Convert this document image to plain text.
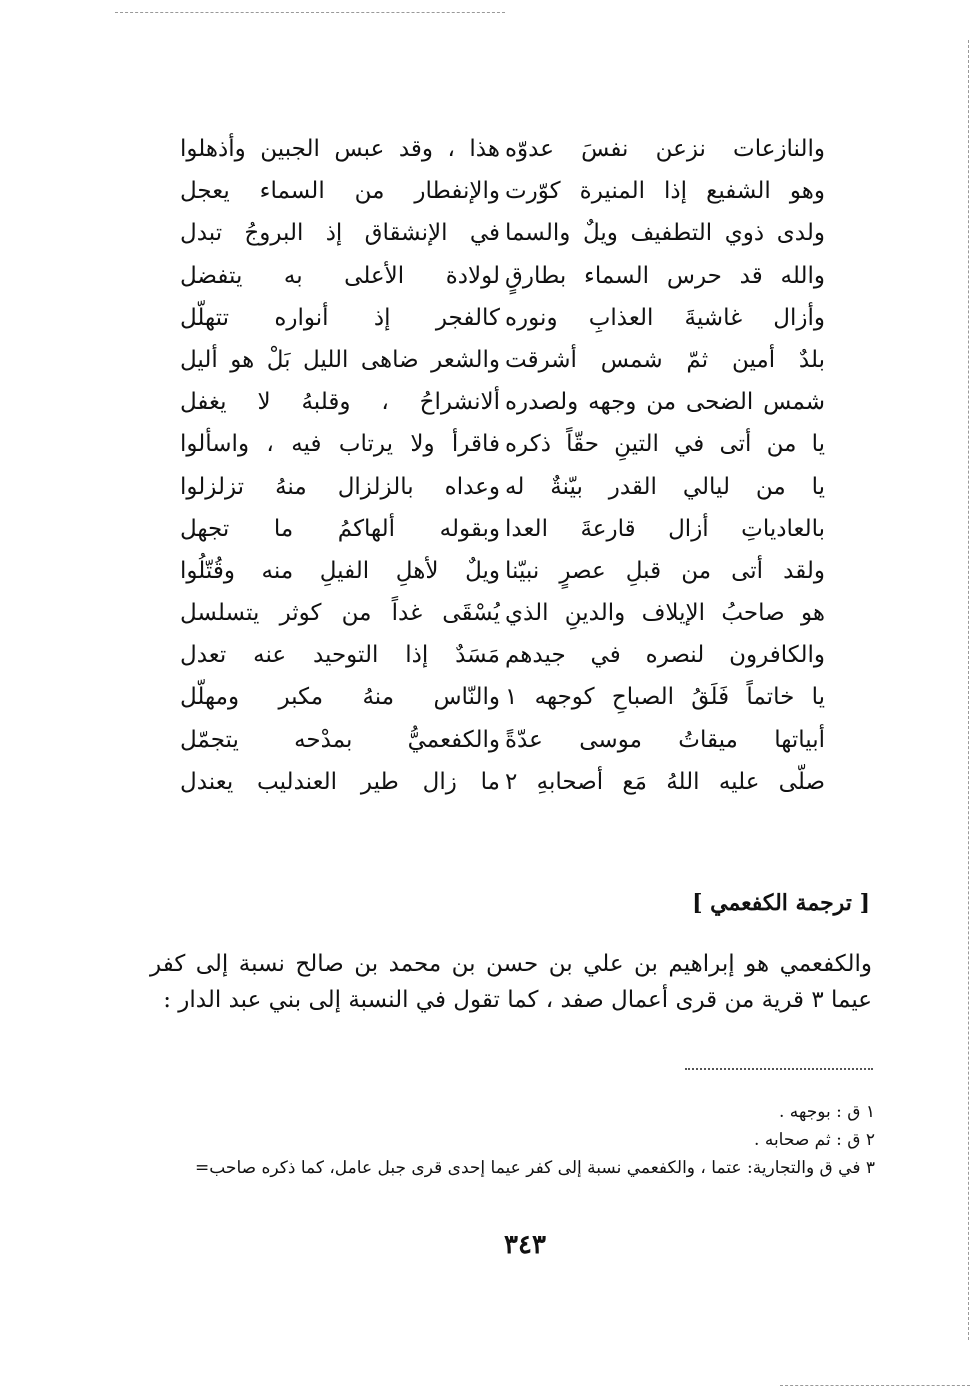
والنازعات نزعن نفسَ عدوّه
وهو الشفيع إذا المنيرة كوّرت
ولدى ذوي التطفيف ويلٌ والسما
والله قد حرس السماء بطارقٍ
وأزال غاشيةَ العذابِ ونوره
بلدٌ أمين ثمّ شمس أشرقت
شمس الضحى من وجهه ولصدره
يا من أتى في التينِ حقّاً ذكره
يا من ليالي القدر بيّنةٌ له
بالعادياتِ أزال قارعةَ العدا
ولقد أتى من قبلِ عصرٍ نبيّنا
هو صاحبُ الإيلاف والدينِ الذي
والكافرون لنصره في جيدهم
يا خاتماً فَلَقُ الصباحِ كوجهه ١
أبياتها ميقاتُ موسى عدّةً
صلّى عليه اللهُ مَع أصحابهِ ٢
هذا ، وقد عبس الجبين وأذهلوا
والإنفطار من السماء يعجل
في الإنشقاق إذ البروجُ تبدل
لولادة الأعلى به يتفضل
كالفجر إذ أنواره تتهلّل
والشعر ضاهى الليل بَلْ هو أليل
ألانشراحُ ، وقلبهُ لا يغفل
فاقرأ ولا يرتاب فيه ، واسألوا
وعداه بالزلزال منهُ تزلزلوا
وبقوله ألهاكمُ ما تجهل
ويلٌ لأهلِ الفيلِ منه وقُتّلُوا
يُسْقَى غداً من كوثر يتسلسل
مَسَدٌ إذا التوحيد عنه تعدل
والنّاس منهُ مكبر ومهلّل
والكفعميُّ بمدْحه يتجمّل
ما زال طير العندليب يعندل
[ ترجمة الكفعمي ]
والكفعمي هو إبراهيم بن علي بن حسن بن محمد بن صالح نسبة إلى كفر
عيما ٣ قرية من قرى أعمال صفد ، كما تقول في النسبة إلى بني عبد الدار :
١ ق : بوجهه .
٢ ق : ثم صحابه .
٣ في ق والتجارية: عتما ، والكفعمي نسبة إلى كفر عيما إحدى قرى جبل عامل، كما ذكره صاحب=
٣٤٣
